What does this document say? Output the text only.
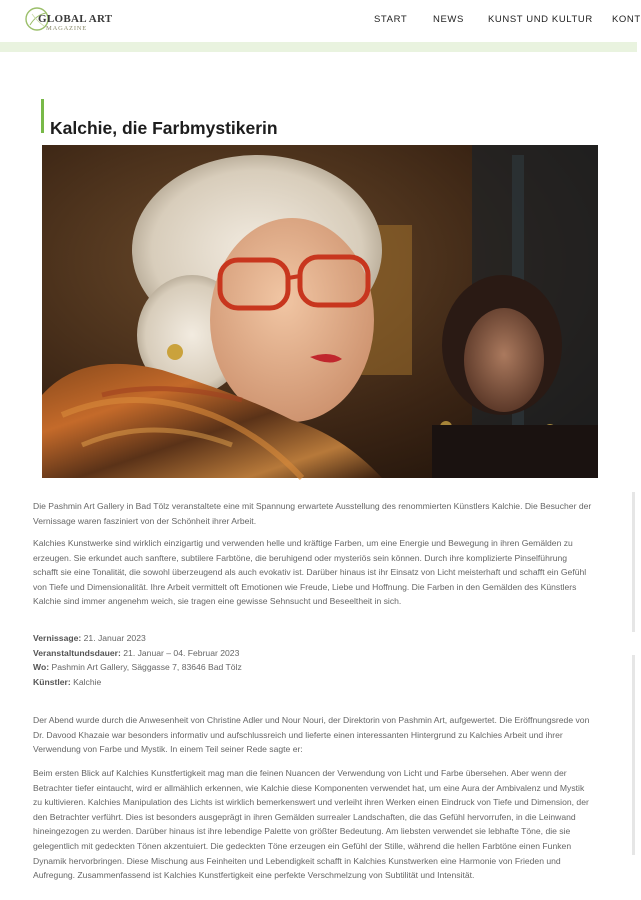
GLOBAL ART
MAGAZINE
START	NEWS	KUNST UND KULTUR KONT
Kalchie, die Farbmystikerin

Die Pashmin Art Gallery in Bad Tölz veranstaltete eine mit Spannung erwartete Ausstellung des renommierten Künstlers Kalchie. Die Besucher der Vernissage waren fasziniert von der Schönheit ihrer Arbeit.

Kalchies Kunstwerke sind wirklich einzigartig und verwenden helle und kräftige Farben, um eine Energie und Bewegung in ihren Gemälden zu erzeugen. Sie erkundet auch sanftere, subtilere Farbtöne, die beruhigend oder mysteriös sein können. Durch ihre komplizierte Pinselführung schafft sie eine Tonalität, die sowohl überzeugend als auch evokativ ist. Darüber hinaus ist ihr Einsatz von Licht meisterhaft und schafft ein Gefühl von Tiefe und Dimensionalität. Ihre Arbeit vermittelt oft Emotionen wie Freude, Liebe und Hoffnung. Die Farben in den Gemälden des Künstlers Kalchie sind immer angenehm weich, sie tragen eine gewisse Sehnsucht und Beseeltheit in sich.

Vernissage: 21. Januar 2023
Veranstaltundsdauer: 21. Januar – 04. Februar 2023
Wo: Pashmin Art Gallery, Säggasse 7, 83646 Bad Tölz
Künstler: Kalchie

Der Abend wurde durch die Anwesenheit von Christine Adler und Nour Nouri, der Direktorin von Pashmin Art, aufgewertet. Die Eröffnungsrede von Dr. Davood Khazaie war besonders informativ und aufschlussreich und lieferte einen interessanten Hintergrund zu Kalchies Arbeit und ihrer Verwendung von Farbe und Mystik. In einem Teil seiner Rede sagte er:

Beim ersten Blick auf Kalchies Kunstfertigkeit mag man die feinen Nuancen der Verwendung von Licht und Farbe übersehen. Aber wenn der Betrachter tiefer eintaucht, wird er allmählich erkennen, wie Kalchie diese Komponenten verwendet hat, um eine Aura der Ambivalenz und Mystik zu kultivieren. Kalchies Manipulation des Lichts ist wirklich bemerkenswert und verleiht ihren Werken einen Eindruck von Tiefe und Dimension, der den Betrachter verführt. Dies ist besonders ausgeprägt in ihren Gemälden surrealer Landschaften, die das Gefühl hervorrufen, in die Leinwand hineingezogen zu werden. Darüber hinaus ist ihre lebendige Palette von größter Bedeutung. Am liebsten verwendet sie lebhafte Töne, die sie gelegentlich mit gedeckten Tönen akzentuiert. Die gedeckten Töne erzeugen ein Gefühl der Stille, während die hellen Farbtöne einen Funken Dynamik hervorbringen. Diese Mischung aus Feinheiten und Lebendigkeit schafft in Kalchies Kunstwerken eine Harmonie von Frieden und Aufregung. Zusammenfassend ist Kalchies Kunstfertigkeit eine perfekte Verschmelzung von Subtilität und Intensität.
